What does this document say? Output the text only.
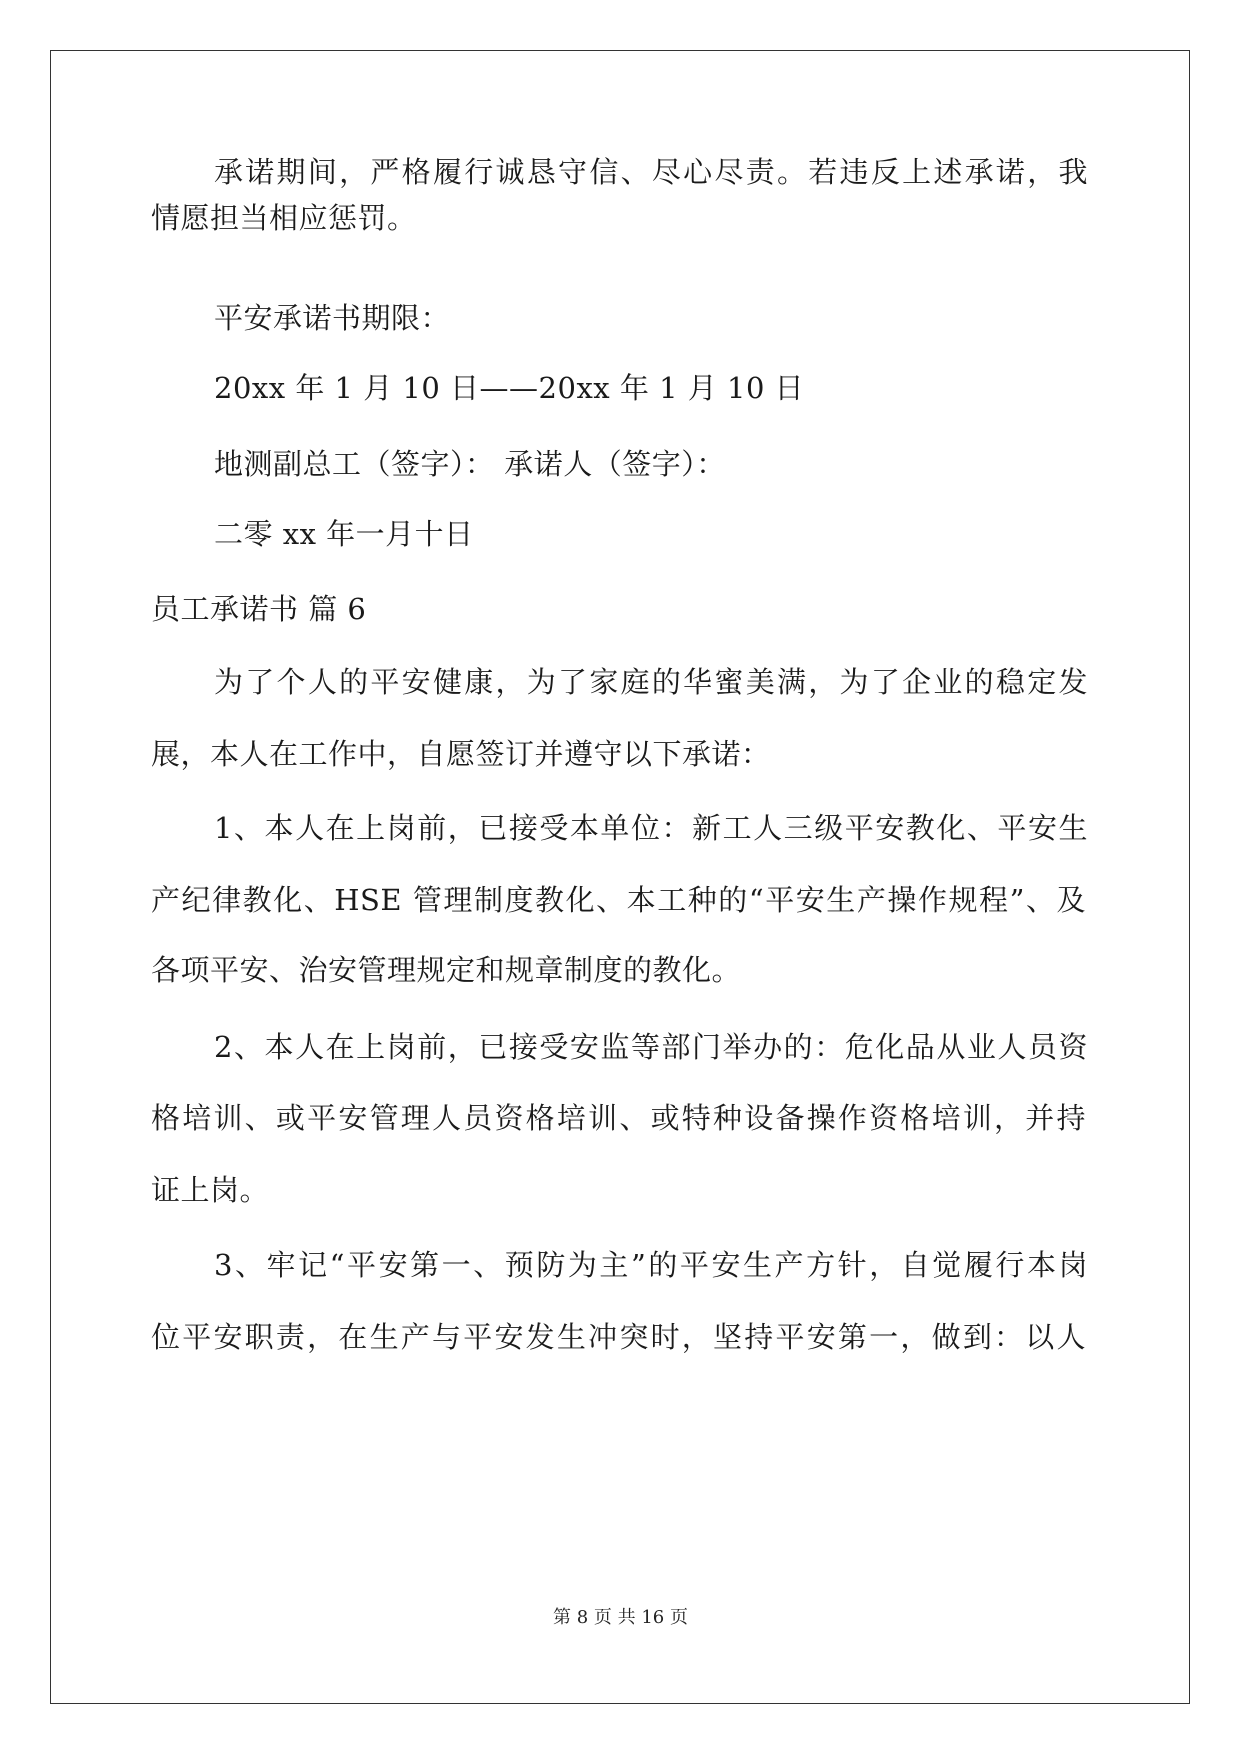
承诺期间，严格履行诚恳守信、尽心尽责。若违反上述承诺，我

情愿担当相应惩罚。

平安承诺书期限：

20xx 年 1 月 10 日——20xx 年 1 月 10 日

地测副总工（签字）： 承诺人（签字）：

二零 xx 年一月十日

员工承诺书 篇 6

为了个人的平安健康，为了家庭的华蜜美满，为了企业的稳定发

展，本人在工作中，自愿签订并遵守以下承诺：

1、本人在上岗前，已接受本单位：新工人三级平安教化、平安生

产纪律教化、HSE 管理制度教化、本工种的“平安生产操作规程”、及

各项平安、治安管理规定和规章制度的教化。

2、本人在上岗前，已接受安监等部门举办的：危化品从业人员资

格培训、或平安管理人员资格培训、或特种设备操作资格培训，并持

证上岗。

3、牢记“平安第一、预防为主”的平安生产方针，自觉履行本岗

位平安职责，在生产与平安发生冲突时，坚持平安第一，做到：以人

第 8 页 共 16 页
